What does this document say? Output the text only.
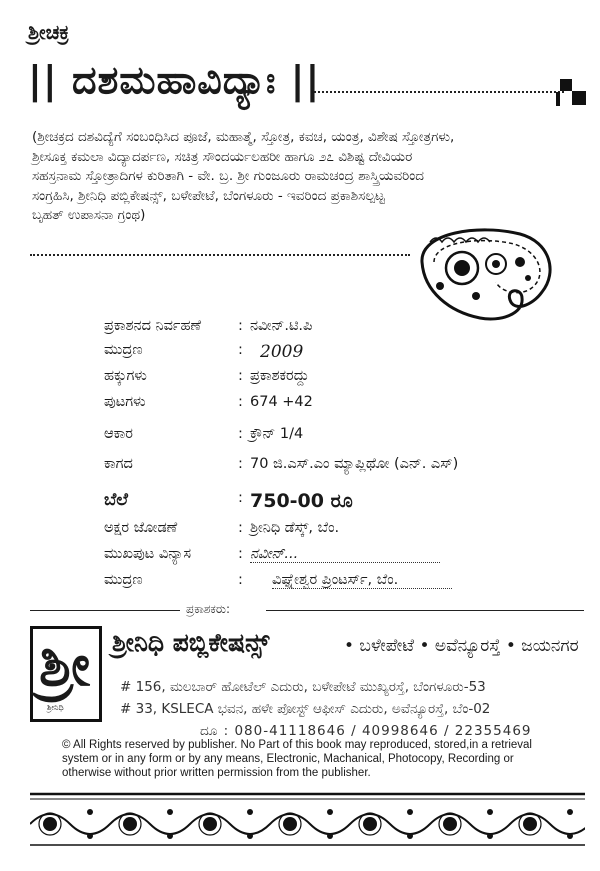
ಶ್ರೀಚಕ್ರ
|| ದಶಮಹಾವಿದ್ಯಾಃ ||
(ಶ್ರೀಚಕ್ರದ ದಶವಿದ್ಯೆಗೆ ಸಂಬಂಧಿಸಿದ ಪೂಜೆ, ಮಹಾತ್ಮೆ, ಸ್ತೋತ್ರ, ಕವಚ, ಯಂತ್ರ, ವಿಶೇಷ ಸ್ತೋತ್ರಗಳು,
ಶ್ರೀಸೂಕ್ತ ಕಮಲಾ ವಿದ್ಯಾದರ್ಪಣ, ಸಚಿತ್ರ ಸೌಂದರ್ಯಲಹರೀ ಹಾಗೂ ೨೭ ವಿಶಿಷ್ಟ ದೇವಿಯರ
ಸಹಸ್ರನಾಮ ಸ್ತೋತ್ರಾದಿಗಳ ಕುರಿತಾಗಿ - ವೇ. ಬ್ರ. ಶ್ರೀ ಗುಂಜೂರು ರಾಮಚಂದ್ರ ಶಾಸ್ತ್ರಿಯವರಿಂದ
ಸಂಗ್ರಹಿಸಿ, ಶ್ರೀನಿಧಿ ಪಬ್ಲಿಕೇಷನ್ಸ್, ಬಳೇಪೇಟೆ, ಬೆಂಗಳೂರು - ಇವರಿಂದ ಪ್ರಕಾಶಿಸಲ್ಪಟ್ಟ
ಬೃಹತ್ ಉಪಾಸನಾ ಗ್ರಂಥ)
ಪ್ರಕಾಶನದ ನಿರ್ವಹಣೆ	: ನವೀನ್.ಟಿ.ಪಿ
ಮುದ್ರಣ	: 2009
ಹಕ್ಕುಗಳು	: ಪ್ರಕಾಶಕರದ್ದು
ಪುಟಗಳು	: 674 +42
ಆಕಾರ	: ಕ್ರೌನ್ 1/4
ಕಾಗದ	: 70 ಜಿ.ಎಸ್.ಎಂ ಮ್ಯಾಪ್ಲಿಥೋ (ಎನ್. ಎಸ್)
ಬೆಲೆ	: 750-00 ರೂ
ಅಕ್ಷರ ಜೋಡಣೆ	: ಶ್ರೀನಿಧಿ ಡೆಸ್ಕ್, ಬೆಂ.
ಮುಖಪುಟ ವಿನ್ಯಾಸ	: ನವೀನ್...
ಮುದ್ರಣ	: ವಿಘ್ನೇಶ್ವರ ಪ್ರಿಂಟರ್ಸ್, ಬೆಂ.
ಪ್ರಕಾಶಕರು:
ಶ್ರೀ
ಶ್ರೀನಿಧಿ
ಶ್ರೀನಿಧಿ ಪಬ್ಲಿಕೇಷನ್ಸ್	• ಬಳೇಪೇಟೆ • ಅವೆನ್ಯೂರಸ್ತೆ • ಜಯನಗರ
# 156, ಮಲಬಾರ್ ಹೋಟೆಲ್ ಎದುರು, ಬಳೇಪೇಟೆ ಮುಖ್ಯರಸ್ತೆ, ಬೆಂಗಳೂರು-53
# 33, KSLECA ಭವನ, ಹಳೇ ಪೋಸ್ಟ್ ಆಫೀಸ್ ಎದುರು, ಅವೆನ್ಯೂರಸ್ತೆ, ಬೆಂ-02
ದೂ : 080-41118646 / 40998646 / 22355469
© All Rights reserved by publisher. No Part of this book may reproduced, stored,in a retrieval system or in any form or by any means, Electronic, Machanical, Photocopy, Recording or otherwise without prior written permission from the publisher.
